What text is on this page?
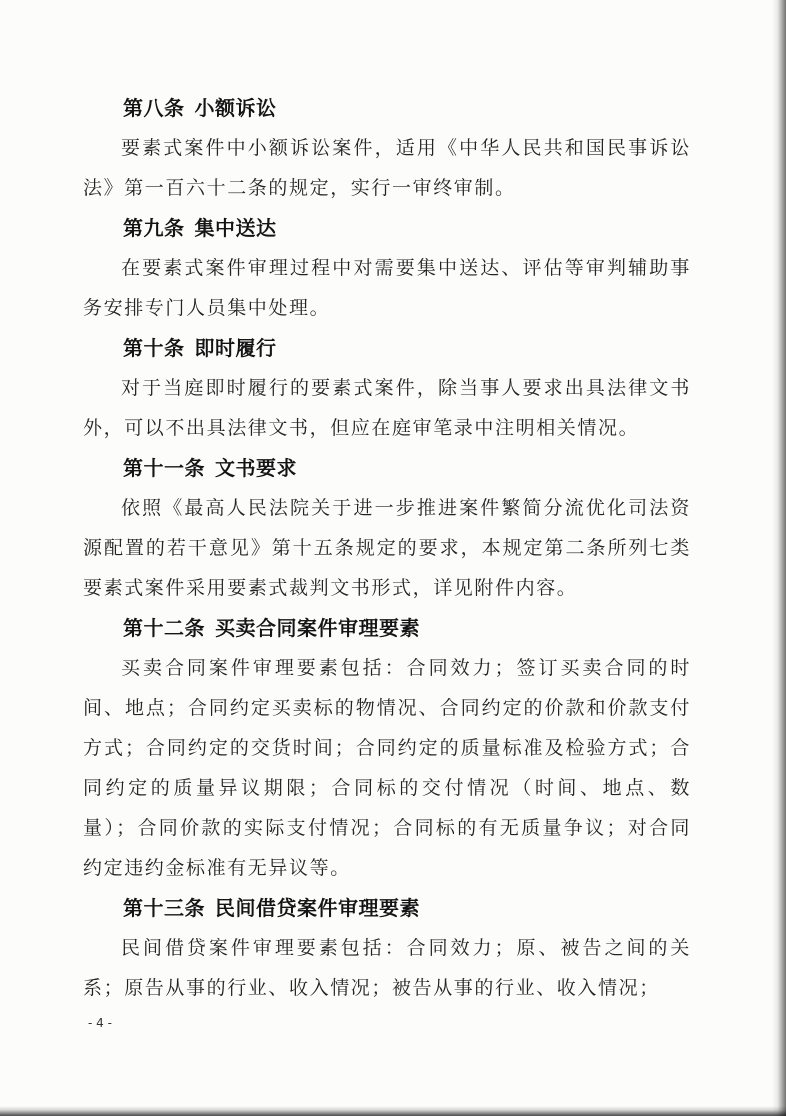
第八条 小额诉讼
要素式案件中小额诉讼案件，适用《中华人民共和国民事诉讼法》第一百六十二条的规定，实行一审终审制。
第九条 集中送达
在要素式案件审理过程中对需要集中送达、评估等审判辅助事务安排专门人员集中处理。
第十条 即时履行
对于当庭即时履行的要素式案件，除当事人要求出具法律文书外，可以不出具法律文书，但应在庭审笔录中注明相关情况。
第十一条 文书要求
依照《最高人民法院关于进一步推进案件繁简分流优化司法资源配置的若干意见》第十五条规定的要求，本规定第二条所列七类要素式案件采用要素式裁判文书形式，详见附件内容。
第十二条 买卖合同案件审理要素
买卖合同案件审理要素包括：合同效力；签订买卖合同的时间、地点；合同约定买卖标的物情况、合同约定的价款和价款支付方式；合同约定的交货时间；合同约定的质量标准及检验方式；合同约定的质量异议期限；合同标的交付情况（时间、地点、数量）；合同价款的实际支付情况；合同标的有无质量争议；对合同约定违约金标准有无异议等。
第十三条 民间借贷案件审理要素
民间借贷案件审理要素包括：合同效力；原、被告之间的关系；原告从事的行业、收入情况；被告从事的行业、收入情况；
- 4 -
